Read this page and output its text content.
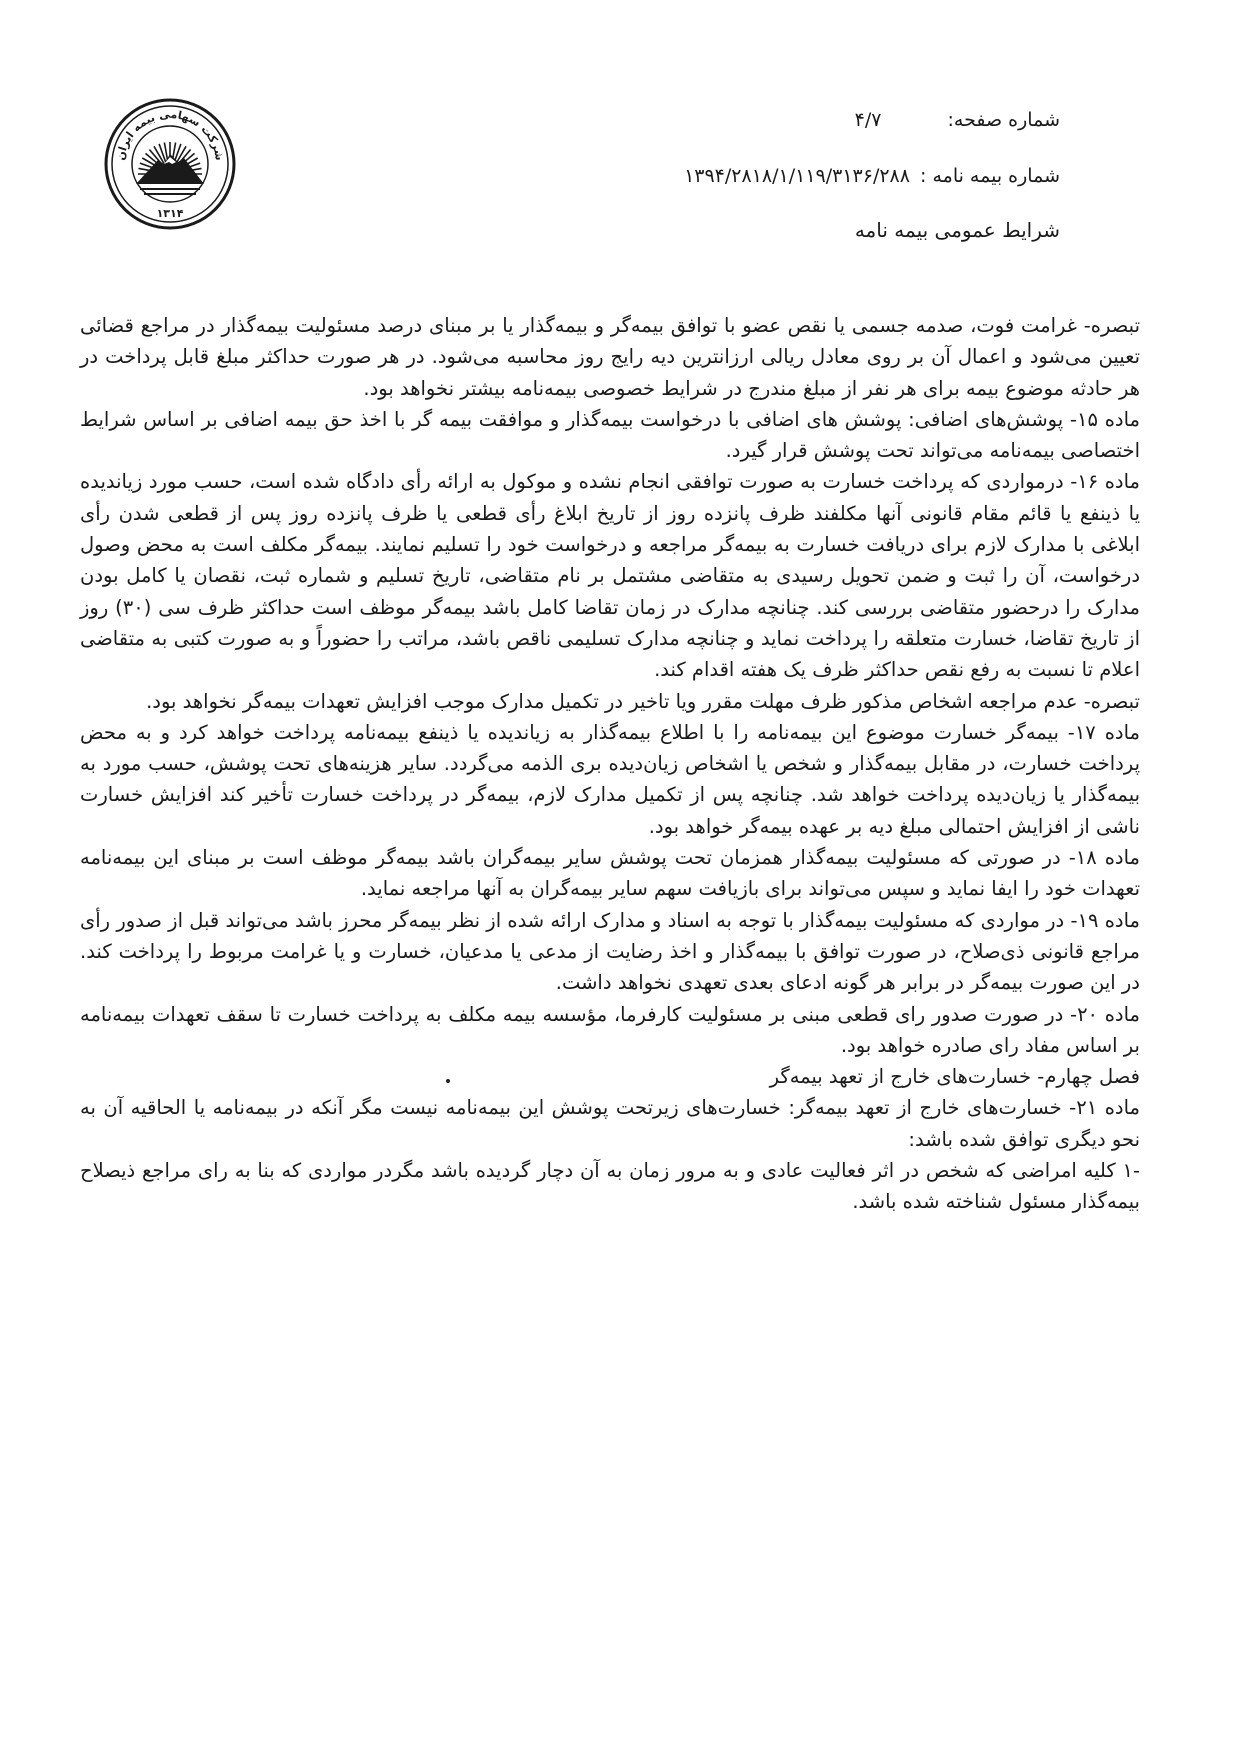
شرکت سهامی بیمه ایران
۱۳۱۴
شماره صفحه: ۴/۷
شماره بیمه نامه : ۱۳۹۴/۲۸۱۸/۱/۱۱۹/۳۱۳۶/۲۸۸
شرایط عمومی بیمه نامه

تبصره- غرامت فوت، صدمه جسمی یا نقص عضو با توافق بیمه‌گر و بیمه‌گذار یا بر مبنای درصد مسئولیت بیمه‌گذار در مراجع قضائی تعیین می‌شود و اعمال آن بر روی معادل ریالی ارزانترین دیه رایج روز محاسبه می‌شود. در هر صورت حداکثر مبلغ قابل پرداخت در هر حادثه موضوع بیمه برای هر نفر از مبلغ مندرج در شرایط خصوصی بیمه‌نامه بیشتر نخواهد بود.

ماده ۱۵- پوشش‌های اضافی: پوشش های اضافی با درخواست بیمه‌گذار و موافقت بیمه گر با اخذ حق بیمه اضافی بر اساس شرایط اختصاصی بیمه‌نامه می‌تواند تحت پوشش قرار گیرد.

ماده ۱۶- درمواردی که پرداخت خسارت به صورت توافقی انجام نشده و موکول به ارائه رأی دادگاه شده است، حسب مورد زیاندیده یا ذینفع یا قائم مقام قانونی آنها مکلفند ظرف پانزده روز از تاریخ ابلاغ رأی قطعی یا ظرف پانزده روز پس از قطعی شدن رأی ابلاغی با مدارک لازم برای دریافت خسارت به بیمه‌گر مراجعه و درخواست خود را تسلیم نمایند. بیمه‌گر مکلف است به محض وصول درخواست، آن را ثبت و ضمن تحویل رسیدی به متقاضی مشتمل بر نام متقاضی، تاریخ تسلیم و شماره ثبت، نقصان یا کامل بودن مدارک را درحضور متقاضی بررسی کند. چنانچه مدارک در زمان تقاضا کامل باشد بیمه‌گر موظف است حداکثر ظرف سی (۳۰) روز از تاریخ تقاضا، خسارت متعلقه را پرداخت نماید و چنانچه مدارک تسلیمی ناقص باشد، مراتب را حضوراً و به صورت کتبی به متقاضی اعلام تا نسبت به رفع نقص حداکثر ظرف یک هفته اقدام کند.

تبصره- عدم مراجعه اشخاص مذکور ظرف مهلت مقرر ویا تاخیر در تکمیل مدارک موجب افزایش تعهدات بیمه‌گر نخواهد بود.

ماده ۱۷- بیمه‌گر خسارت موضوع این بیمه‌نامه را با اطلاع بیمه‌گذار به زیاندیده یا ذینفع بیمه‌نامه پرداخت خواهد کرد و به محض پرداخت خسارت، در مقابل بیمه‌گذار و شخص یا اشخاص زیان‌دیده بری الذمه می‌گردد. سایر هزینه‌های تحت پوشش، حسب مورد به بیمه‌گذار یا زیان‌دیده پرداخت خواهد شد. چنانچه پس از تکمیل مدارک لازم، بیمه‌گر در پرداخت خسارت تأخیر کند افزایش خسارت ناشی از افزایش احتمالی مبلغ دیه بر عهده بیمه‌گر خواهد بود.

ماده ۱۸- در صورتی که مسئولیت بیمه‌گذار همزمان تحت پوشش سایر بیمه‌گران باشد بیمه‌گر موظف است بر مبنای این بیمه‌نامه تعهدات خود را ایفا نماید و سپس می‌تواند برای بازیافت سهم سایر بیمه‌گران به آنها مراجعه نماید.

ماده ۱۹- در مواردی که مسئولیت بیمه‌گذار با توجه به اسناد و مدارک ارائه شده از نظر بیمه‌گر محرز باشد می‌تواند قبل از صدور رأی مراجع قانونی ذی‌صلاح، در صورت توافق با بیمه‌گذار و اخذ رضایت از مدعی یا مدعیان، خسارت و یا غرامت مربوط را پرداخت کند. در این صورت بیمه‌گر در برابر هر گونه ادعای بعدی تعهدی نخواهد داشت.

ماده ۲۰- در صورت صدور رای قطعی مبنی بر مسئولیت کارفرما، مؤسسه بیمه مکلف به پرداخت خسارت تا سقف تعهدات بیمه‌نامه بر اساس مفاد رای صادره خواهد بود.

فصل چهارم- خسارت‌های خارج از تعهد بیمه‌گر

ماده ۲۱- خسارت‌های خارج از تعهد بیمه‌گر: خسارت‌های زیرتحت پوشش این بیمه‌نامه نیست مگر آنکه در بیمه‌نامه یا الحاقیه آن به نحو دیگری توافق شده باشد:

-۱ کلیه امراضی که شخص در اثر فعالیت عادی و به مرور زمان به آن دچار گردیده باشد مگردر مواردی که بنا به رای مراجع ذیصلاح بیمه‌گذار مسئول شناخته شده باشد.
